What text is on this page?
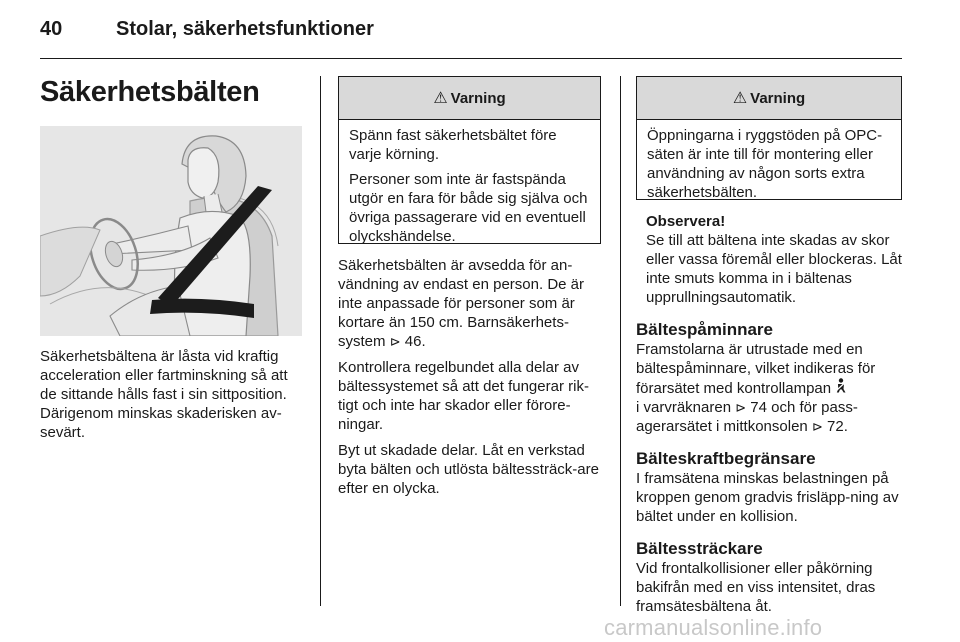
40	Stolar, säkerhetsfunktioner
Säkerhetsbälten
Säkerhetsbältena är låsta vid kraftig acceleration eller fartminskning så att de sittande hålls fast i sin sittposition. Därigenom minskas skaderisken av-sevärt.
⚠ Varning

Spänn fast säkerhetsbältet före varje körning.

Personer som inte är fastspända utgör en fara för både sig själva och övriga passagerare vid en eventuell olyckshändelse.

Säkerhetsbälten är avsedda för an-vändning av endast en person. De är inte anpassade för personer som är kortare än 150 cm. Barnsäkerhets-system ⊳ 46.

Kontrollera regelbundet alla delar av bältessystemet så att det fungerar rik-tigt och inte har skador eller förore-ningar.

Byt ut skadade delar. Låt en verkstad byta bälten och utlösta bältessträck-are efter en olycka.

⚠ Varning

Öppningarna i ryggstöden på OPC-säten är inte till för montering eller användning av någon sorts extra säkerhetsbälten.

Observera!
Se till att bältena inte skadas av skor eller vassa föremål eller blockeras. Låt inte smuts komma in i bältenas upprullningsautomatik.
Bältespåminnare

Framstolarna är utrustade med en bältespåminnare, vilket indikeras för förarsätet med kontrollampan
i varvräknaren ⊳ 74 och för pass-agerarsätet i mittkonsolen ⊳ 72.

Bälteskraftbegränsare

I framsätena minskas belastningen på kroppen genom gradvis frisläpp-ning av bältet under en kollision.

Bältessträckare

Vid frontalkollisioner eller påkörning bakifrån med en viss intensitet, dras framsätesbältena åt.

carmanualsonline.info
